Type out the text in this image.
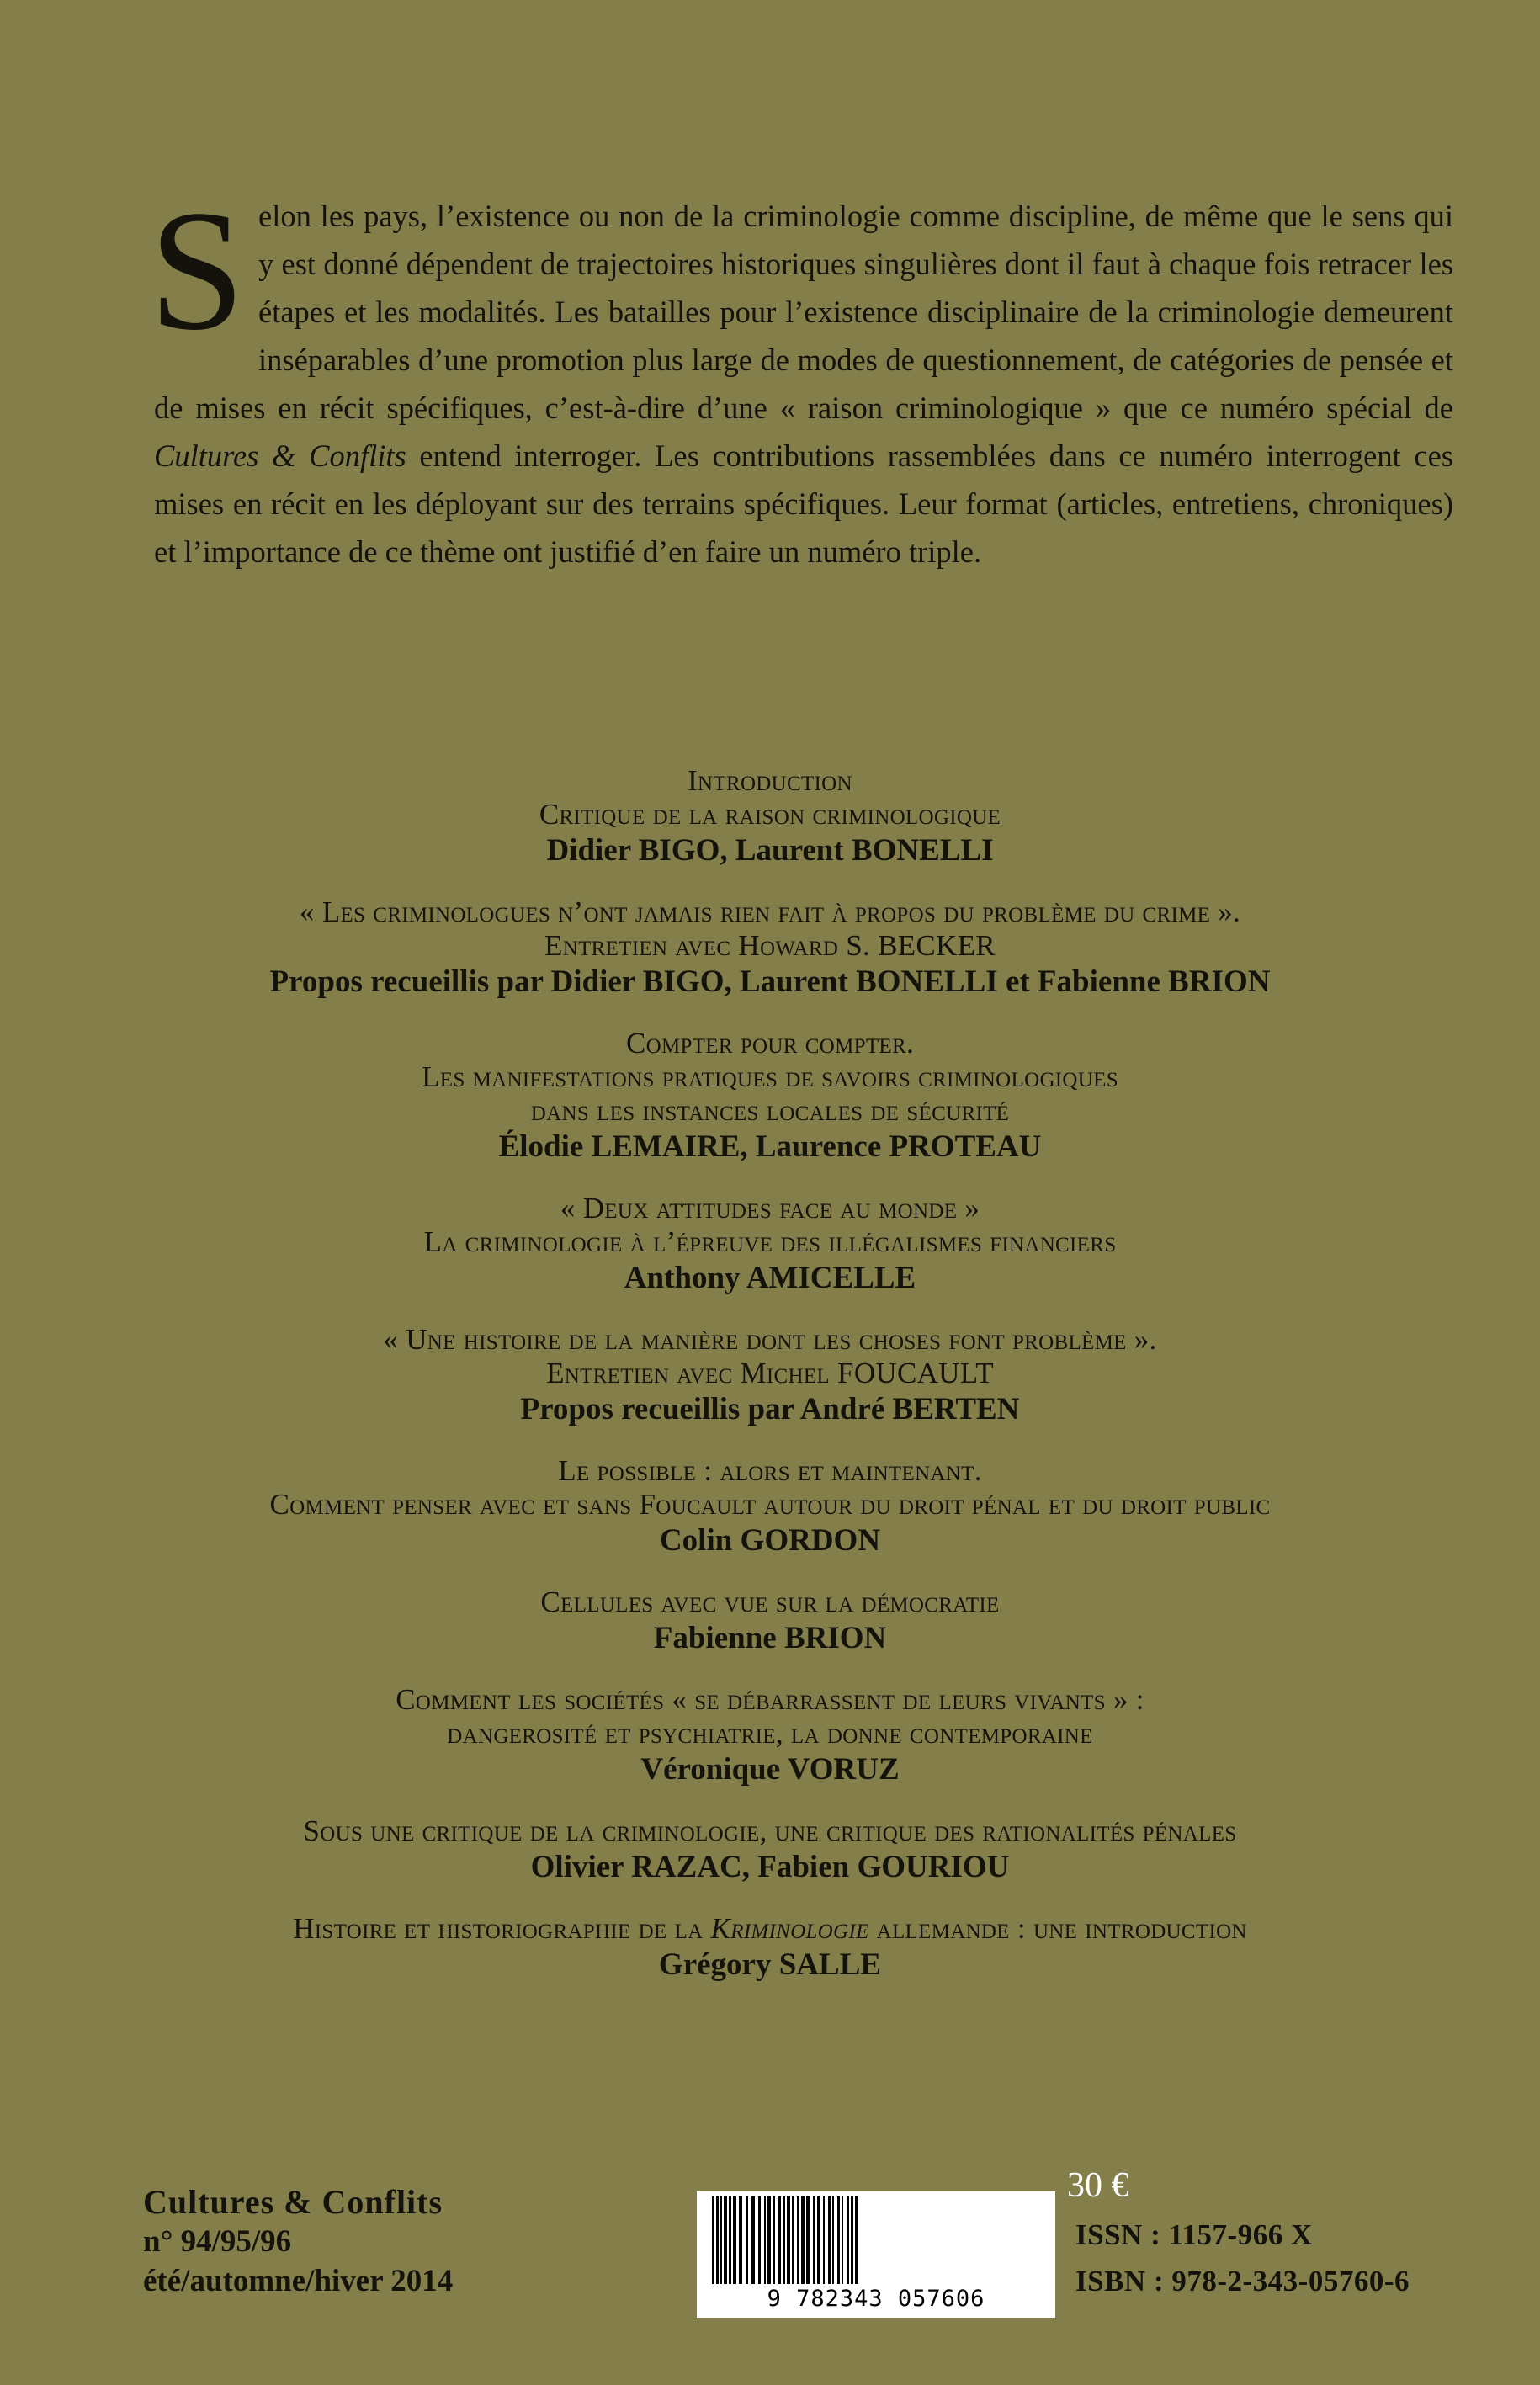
Selon les pays, l’existence ou non de la criminologie comme discipline, de même que le sens qui y est donné dépendent de trajectoires historiques singulières dont il faut à chaque fois retracer les étapes et les modalités. Les batailles pour l’existence disciplinaire de la criminologie demeurent inséparables d’une promotion plus large de modes de questionnement, de catégories de pensée et de mises en récit spécifiques, c’est-à-dire d’une « raison criminologique » que ce numéro spécial de Cultures & Conflits entend interroger. Les contributions rassemblées dans ce numéro interrogent ces mises en récit en les déployant sur des terrains spécifiques. Leur format (articles, entretiens, chroniques) et l’importance de ce thème ont justifié d’en faire un numéro triple.
Introduction
Critique de la raison criminologique
Didier BIGO, Laurent BONELLI
« Les criminologues n’ont jamais rien fait à propos du problème du crime ».
Entretien avec Howard S. BECKER
Propos recueillis par Didier BIGO, Laurent BONELLI et Fabienne BRION
Compter pour compter.
Les manifestations pratiques de savoirs criminologiques
dans les instances locales de sécurité
Élodie LEMAIRE, Laurence PROTEAU
« Deux attitudes face au monde »
La criminologie à l’épreuve des illégalismes financiers
Anthony AMICELLE
« Une histoire de la manière dont les choses font problème ».
Entretien avec Michel FOUCAULT
Propos recueillis par André BERTEN
Le possible : alors et maintenant.
Comment penser avec et sans Foucault autour du droit pénal et du droit public
Colin GORDON
Cellules avec vue sur la démocratie
Fabienne BRION
Comment les sociétés « se débarrassent de leurs vivants » :
dangerosité et psychiatrie, la donne contemporaine
Véronique VORUZ
Sous une critique de la criminologie, une critique des rationalités pénales
Olivier RAZAC, Fabien GOURIOU
Histoire et historiographie de la Kriminologie allemande : une introduction
Grégory SALLE
Cultures & Conflits
n° 94/95/96
été/automne/hiver 2014
9 782343 057606
30 €
ISSN : 1157-966 X
ISBN : 978-2-343-05760-6
